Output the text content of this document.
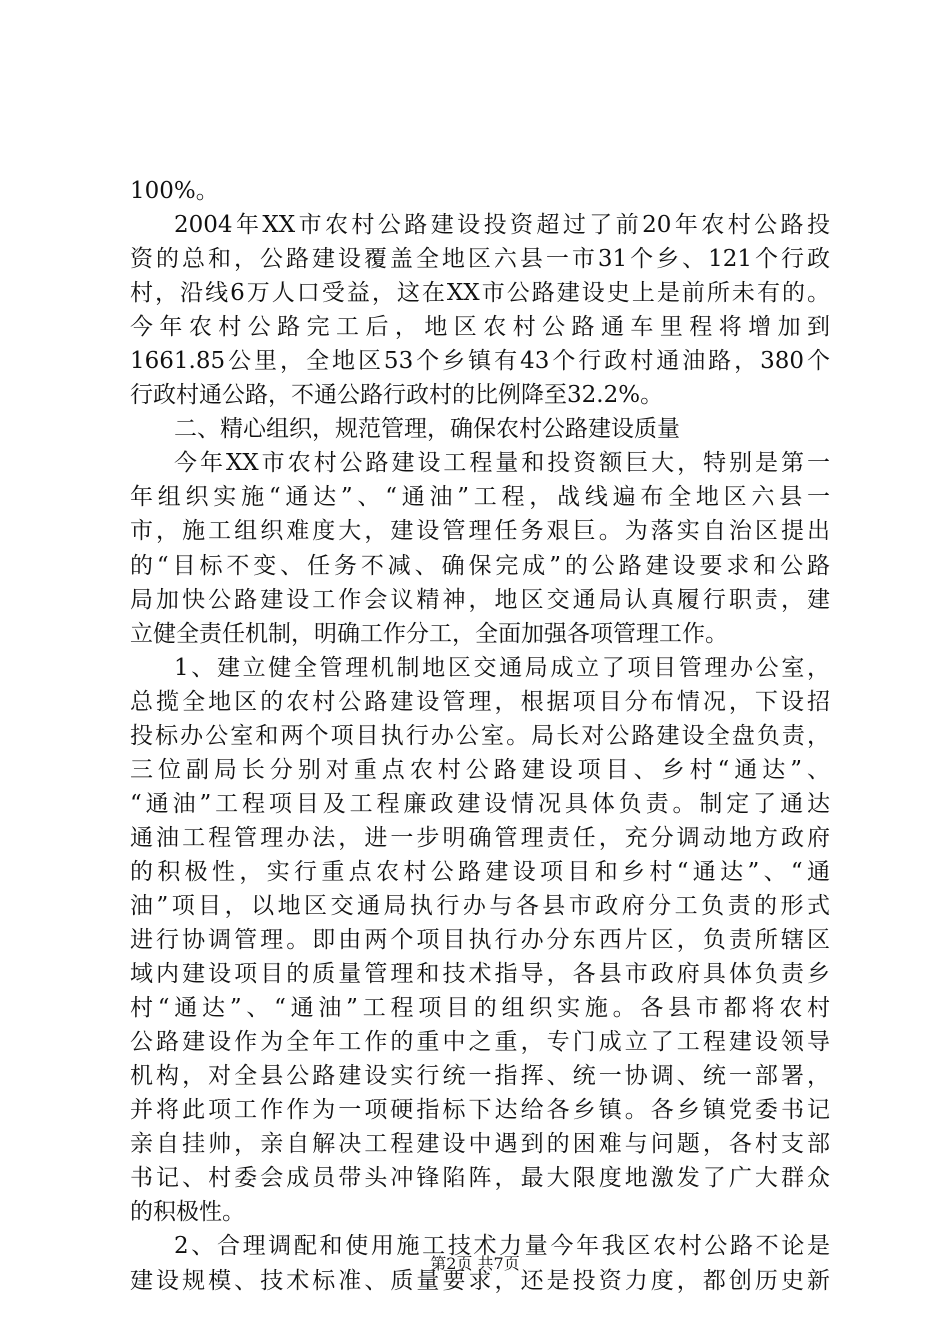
100%。
2004年XX市农村公路建设投资超过了前20年农村公路投
资的总和，公路建设覆盖全地区六县一市31个乡、121个行政
村，沿线6万人口受益，这在XX市公路建设史上是前所未有的。
今年农村公路完工后，地区农村公路通车里程将增加到
1661.85公里，全地区53个乡镇有43个行政村通油路，380个
行政村通公路，不通公路行政村的比例降至32.2%。
二、精心组织，规范管理，确保农村公路建设质量
今年XX市农村公路建设工程量和投资额巨大，特别是第一
年组织实施“通达”、“通油”工程，战线遍布全地区六县一
市，施工组织难度大，建设管理任务艰巨。为落实自治区提出
的“目标不变、任务不减、确保完成”的公路建设要求和公路
局加快公路建设工作会议精神，地区交通局认真履行职责，建
立健全责任机制，明确工作分工，全面加强各项管理工作。
1、建立健全管理机制地区交通局成立了项目管理办公室，
总揽全地区的农村公路建设管理，根据项目分布情况，下设招
投标办公室和两个项目执行办公室。局长对公路建设全盘负责，
三位副局长分别对重点农村公路建设项目、乡村“通达”、
“通油”工程项目及工程廉政建设情况具体负责。制定了通达
通油工程管理办法，进一步明确管理责任，充分调动地方政府
的积极性，实行重点农村公路建设项目和乡村“通达”、“通
油”项目，以地区交通局执行办与各县市政府分工负责的形式
进行协调管理。即由两个项目执行办分东西片区，负责所辖区
域内建设项目的质量管理和技术指导，各县市政府具体负责乡
村“通达”、“通油”工程项目的组织实施。各县市都将农村
公路建设作为全年工作的重中之重，专门成立了工程建设领导
机构，对全县公路建设实行统一指挥、统一协调、统一部署，
并将此项工作作为一项硬指标下达给各乡镇。各乡镇党委书记
亲自挂帅，亲自解决工程建设中遇到的困难与问题，各村支部
书记、村委会成员带头冲锋陷阵，最大限度地激发了广大群众
的积极性。
2、合理调配和使用施工技术力量今年我区农村公路不论是
建设规模、技术标准、质量要求，还是投资力度，都创历史新
第2页 共7页
